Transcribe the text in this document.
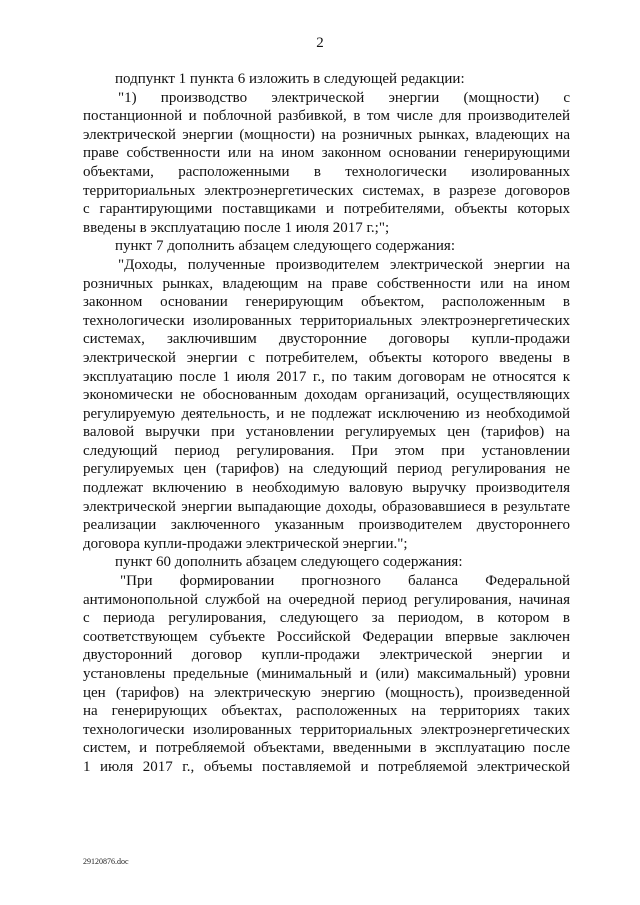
2
подпункт 1 пункта 6 изложить в следующей редакции:
"1) производство электрической энергии (мощности) с
постанционной и поблочной разбивкой, в том числе для производителей
электрической энергии (мощности) на розничных рынках, владеющих на
праве собственности или на ином законном основании генерирующими
объектами, расположенными в технологически изолированных
территориальных электроэнергетических системах, в разрезе договоров
с гарантирующими поставщиками и потребителями, объекты которых
введены в эксплуатацию после 1 июля 2017 г.;";
пункт 7 дополнить абзацем следующего содержания:
"Доходы, полученные производителем электрической энергии на
розничных рынках, владеющим на праве собственности или на ином
законном основании генерирующим объектом, расположенным в
технологически изолированных территориальных электроэнергетических
системах, заключившим двусторонние договоры купли-продажи
электрической энергии с потребителем, объекты которого введены в
эксплуатацию после 1 июля 2017 г., по таким договорам не относятся к
экономически не обоснованным доходам организаций, осуществляющих
регулируемую деятельность, и не подлежат исключению из необходимой
валовой выручки при установлении регулируемых цен (тарифов) на
следующий период регулирования. При этом при установлении
регулируемых цен (тарифов) на следующий период регулирования не
подлежат включению в необходимую валовую выручку производителя
электрической энергии выпадающие доходы, образовавшиеся в результате
реализации заключенного указанным производителем двустороннего
договора купли-продажи электрической энергии.";
пункт 60 дополнить абзацем следующего содержания:
"При формировании прогнозного баланса Федеральной
антимонопольной службой на очередной период регулирования, начиная
с периода регулирования, следующего за периодом, в котором в
соответствующем субъекте Российской Федерации впервые заключен
двусторонний договор купли-продажи электрической энергии и
установлены предельные (минимальный и (или) максимальный) уровни
цен (тарифов) на электрическую энергию (мощность), произведенной
на генерирующих объектах, расположенных на территориях таких
технологически изолированных территориальных электроэнергетических
систем, и потребляемой объектами, введенными в эксплуатацию после
1 июля 2017 г., объемы поставляемой и потребляемой электрической
29120876.doc
